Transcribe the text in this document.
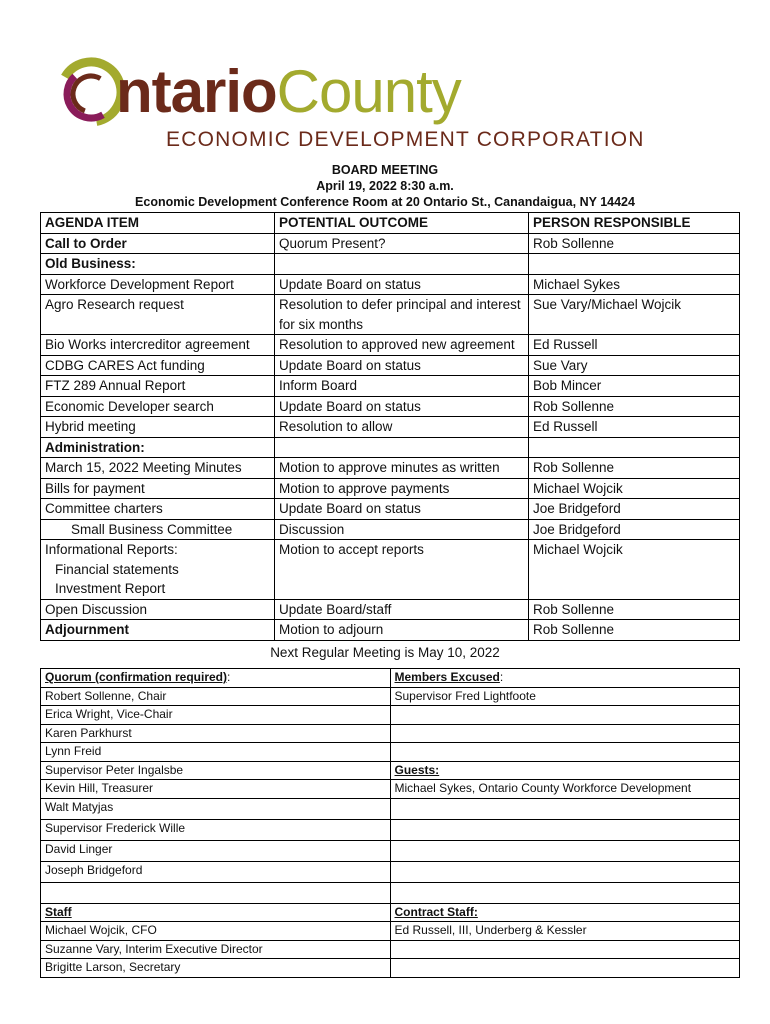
ntarioCounty
ECONOMIC DEVELOPMENT CORPORATION
BOARD MEETING
April 19, 2022 8:30 a.m.
Economic Development Conference Room at 20 Ontario St., Canandaigua, NY 14424
AGENDA ITEM	POTENTIAL OUTCOME	PERSON RESPONSIBLE
Call to Order	Quorum Present?	Rob Sollenne
Old Business:		
Workforce Development Report	Update Board on status	Michael Sykes
Agro Research request	Resolution to defer principal and interest for six months	Sue Vary/Michael Wojcik
Bio Works intercreditor agreement	Resolution to approved new agreement	Ed Russell
CDBG CARES Act funding	Update Board on status	Sue Vary
FTZ 289 Annual Report	Inform Board	Bob Mincer
Economic Developer search	Update Board on status	Rob Sollenne
Hybrid meeting	Resolution to allow	Ed Russell
Administration:		
March 15, 2022 Meeting Minutes	Motion to approve minutes as written	Rob Sollenne
Bills for payment	Motion to approve payments	Michael Wojcik
Committee charters	Update Board on status	Joe Bridgeford
Small Business Committee	Discussion	Joe Bridgeford

Informational Reports:
Financial statements
Investment Report	Motion to accept reports	Michael Wojcik
Open Discussion	Update Board/staff	Rob Sollenne
Adjournment	Motion to adjourn	Rob Sollenne
Next Regular Meeting is May 10, 2022
Quorum (confirmation required):	Members Excused:
Robert Sollenne, Chair	Supervisor Fred Lightfoote
Erica Wright, Vice-Chair	
Karen Parkhurst	
Lynn Freid	
Supervisor Peter Ingalsbe	Guests:
Kevin Hill, Treasurer	Michael Sykes, Ontario County Workforce Development
Walt Matyjas	
Supervisor Frederick Wille	
David Linger	
Joseph Bridgeford	

Staff	Contract Staff:
Michael Wojcik, CFO	Ed Russell, III, Underberg & Kessler
Suzanne Vary, Interim Executive Director	
Brigitte Larson, Secretary	
